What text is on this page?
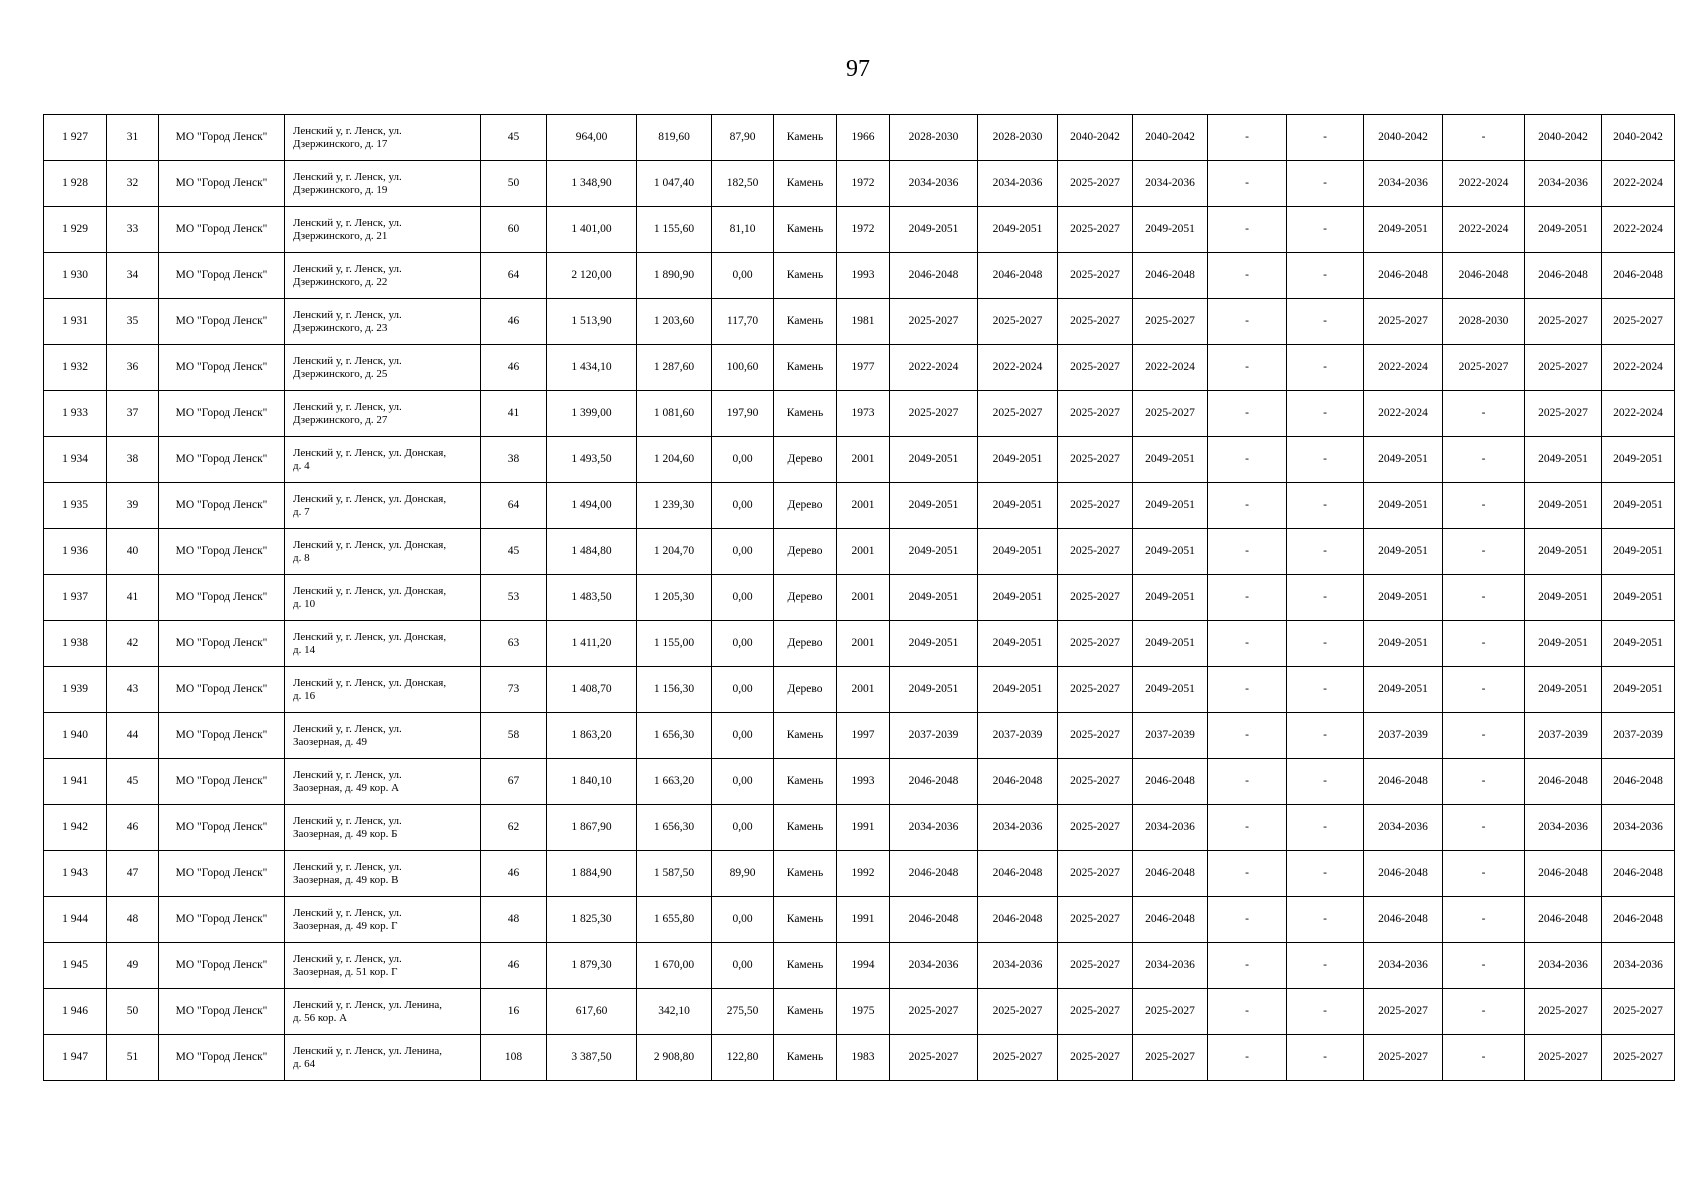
97
1 927	31	МО "Город Ленск"	Ленский у, г. Ленск, ул.
Дзержинского, д. 17	45	964,00	819,60	87,90	Камень	1966	2028-2030	2028-2030	2040-2042	2040-2042	-	-	2040-2042	-	2040-2042	2040-2042
1 928	32	МО "Город Ленск"	Ленский у, г. Ленск, ул.
Дзержинского, д. 19	50	1 348,90	1 047,40	182,50	Камень	1972	2034-2036	2034-2036	2025-2027	2034-2036	-	-	2034-2036	2022-2024	2034-2036	2022-2024
1 929	33	МО "Город Ленск"	Ленский у, г. Ленск, ул.
Дзержинского, д. 21	60	1 401,00	1 155,60	81,10	Камень	1972	2049-2051	2049-2051	2025-2027	2049-2051	-	-	2049-2051	2022-2024	2049-2051	2022-2024
1 930	34	МО "Город Ленск"	Ленский у, г. Ленск, ул.
Дзержинского, д. 22	64	2 120,00	1 890,90	0,00	Камень	1993	2046-2048	2046-2048	2025-2027	2046-2048	-	-	2046-2048	2046-2048	2046-2048	2046-2048
1 931	35	МО "Город Ленск"	Ленский у, г. Ленск, ул.
Дзержинского, д. 23	46	1 513,90	1 203,60	117,70	Камень	1981	2025-2027	2025-2027	2025-2027	2025-2027	-	-	2025-2027	2028-2030	2025-2027	2025-2027
1 932	36	МО "Город Ленск"	Ленский у, г. Ленск, ул.
Дзержинского, д. 25	46	1 434,10	1 287,60	100,60	Камень	1977	2022-2024	2022-2024	2025-2027	2022-2024	-	-	2022-2024	2025-2027	2025-2027	2022-2024
1 933	37	МО "Город Ленск"	Ленский у, г. Ленск, ул.
Дзержинского, д. 27	41	1 399,00	1 081,60	197,90	Камень	1973	2025-2027	2025-2027	2025-2027	2025-2027	-	-	2022-2024	-	2025-2027	2022-2024
1 934	38	МО "Город Ленск"	Ленский у, г. Ленск, ул. Донская,
д. 4	38	1 493,50	1 204,60	0,00	Дерево	2001	2049-2051	2049-2051	2025-2027	2049-2051	-	-	2049-2051	-	2049-2051	2049-2051
1 935	39	МО "Город Ленск"	Ленский у, г. Ленск, ул. Донская,
д. 7	64	1 494,00	1 239,30	0,00	Дерево	2001	2049-2051	2049-2051	2025-2027	2049-2051	-	-	2049-2051	-	2049-2051	2049-2051
1 936	40	МО "Город Ленск"	Ленский у, г. Ленск, ул. Донская,
д. 8	45	1 484,80	1 204,70	0,00	Дерево	2001	2049-2051	2049-2051	2025-2027	2049-2051	-	-	2049-2051	-	2049-2051	2049-2051
1 937	41	МО "Город Ленск"	Ленский у, г. Ленск, ул. Донская,
д. 10	53	1 483,50	1 205,30	0,00	Дерево	2001	2049-2051	2049-2051	2025-2027	2049-2051	-	-	2049-2051	-	2049-2051	2049-2051
1 938	42	МО "Город Ленск"	Ленский у, г. Ленск, ул. Донская,
д. 14	63	1 411,20	1 155,00	0,00	Дерево	2001	2049-2051	2049-2051	2025-2027	2049-2051	-	-	2049-2051	-	2049-2051	2049-2051
1 939	43	МО "Город Ленск"	Ленский у, г. Ленск, ул. Донская,
д. 16	73	1 408,70	1 156,30	0,00	Дерево	2001	2049-2051	2049-2051	2025-2027	2049-2051	-	-	2049-2051	-	2049-2051	2049-2051
1 940	44	МО "Город Ленск"	Ленский у, г. Ленск, ул.
Заозерная, д. 49	58	1 863,20	1 656,30	0,00	Камень	1997	2037-2039	2037-2039	2025-2027	2037-2039	-	-	2037-2039	-	2037-2039	2037-2039
1 941	45	МО "Город Ленск"	Ленский у, г. Ленск, ул.
Заозерная, д. 49 кор. А	67	1 840,10	1 663,20	0,00	Камень	1993	2046-2048	2046-2048	2025-2027	2046-2048	-	-	2046-2048	-	2046-2048	2046-2048
1 942	46	МО "Город Ленск"	Ленский у, г. Ленск, ул.
Заозерная, д. 49 кор. Б	62	1 867,90	1 656,30	0,00	Камень	1991	2034-2036	2034-2036	2025-2027	2034-2036	-	-	2034-2036	-	2034-2036	2034-2036
1 943	47	МО "Город Ленск"	Ленский у, г. Ленск, ул.
Заозерная, д. 49 кор. В	46	1 884,90	1 587,50	89,90	Камень	1992	2046-2048	2046-2048	2025-2027	2046-2048	-	-	2046-2048	-	2046-2048	2046-2048
1 944	48	МО "Город Ленск"	Ленский у, г. Ленск, ул.
Заозерная, д. 49 кор. Г	48	1 825,30	1 655,80	0,00	Камень	1991	2046-2048	2046-2048	2025-2027	2046-2048	-	-	2046-2048	-	2046-2048	2046-2048
1 945	49	МО "Город Ленск"	Ленский у, г. Ленск, ул.
Заозерная, д. 51 кор. Г	46	1 879,30	1 670,00	0,00	Камень	1994	2034-2036	2034-2036	2025-2027	2034-2036	-	-	2034-2036	-	2034-2036	2034-2036
1 946	50	МО "Город Ленск"	Ленский у, г. Ленск, ул. Ленина,
д. 56 кор. А	16	617,60	342,10	275,50	Камень	1975	2025-2027	2025-2027	2025-2027	2025-2027	-	-	2025-2027	-	2025-2027	2025-2027
1 947	51	МО "Город Ленск"	Ленский у, г. Ленск, ул. Ленина,
д. 64	108	3 387,50	2 908,80	122,80	Камень	1983	2025-2027	2025-2027	2025-2027	2025-2027	-	-	2025-2027	-	2025-2027	2025-2027
